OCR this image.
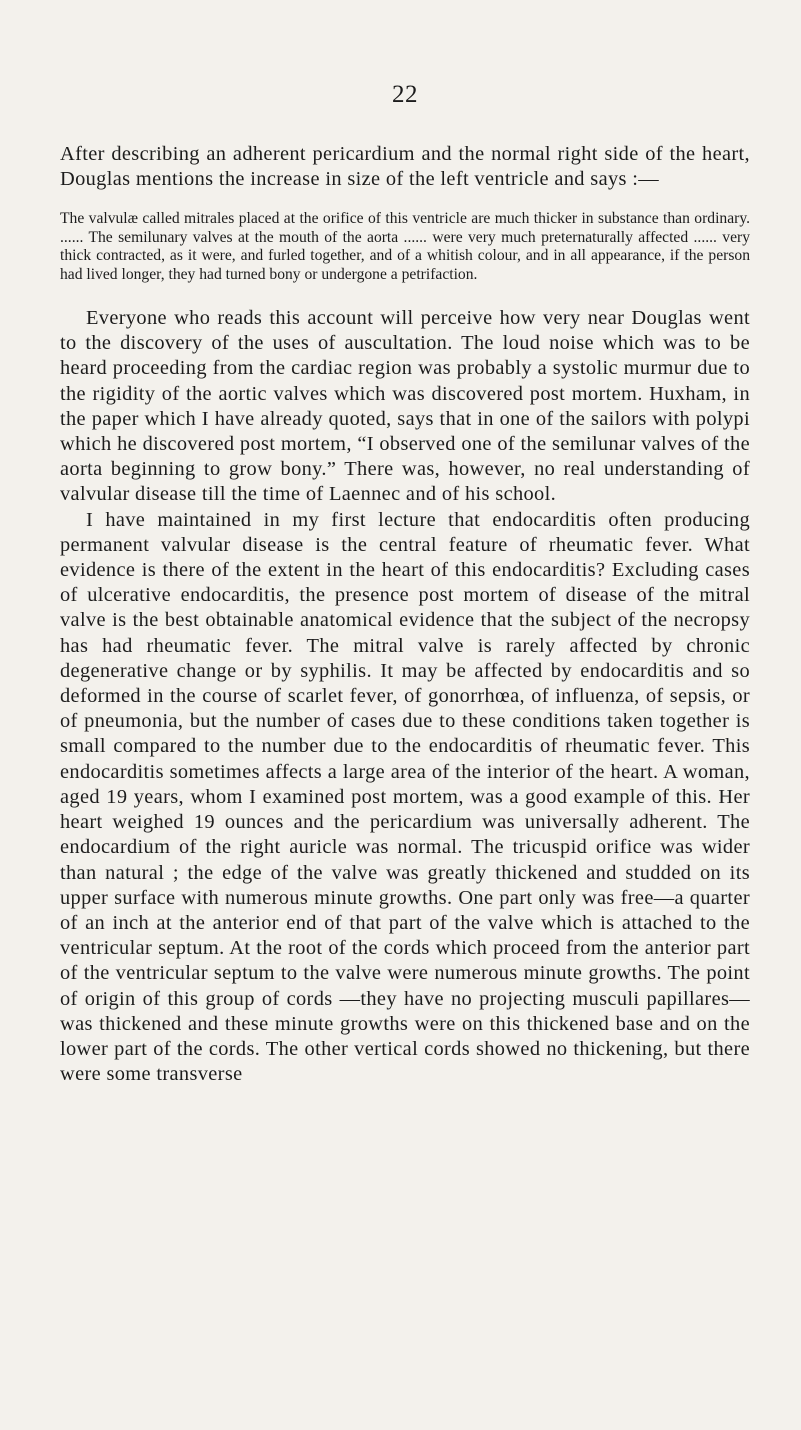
22

After describing an adherent pericardium and the normal right side of the heart, Douglas mentions the increase in size of the left ventricle and says :—

The valvulæ called mitrales placed at the orifice of this ventricle are much thicker in substance than ordinary. ...... The semilunary valves at the mouth of the aorta ...... were very much preternaturally affected ...... very thick contracted, as it were, and furled together, and of a whitish colour, and in all appearance, if the person had lived longer, they had turned bony or undergone a petrifaction.

Everyone who reads this account will perceive how very near Douglas went to the discovery of the uses of auscultation. The loud noise which was to be heard proceeding from the cardiac region was probably a systolic murmur due to the rigidity of the aortic valves which was discovered post mortem. Huxham, in the paper which I have already quoted, says that in one of the sailors with polypi which he discovered post mortem, “I observed one of the semilunar valves of the aorta beginning to grow bony.” There was, however, no real understanding of valvular disease till the time of Laennec and of his school.

I have maintained in my first lecture that endocarditis often producing permanent valvular disease is the central feature of rheumatic fever. What evidence is there of the extent in the heart of this endocarditis? Excluding cases of ulcerative endocarditis, the presence post mortem of disease of the mitral valve is the best obtainable anatomical evidence that the subject of the necropsy has had rheumatic fever. The mitral valve is rarely affected by chronic degenerative change or by syphilis. It may be affected by endocarditis and so deformed in the course of scarlet fever, of gonorrhœa, of influenza, of sepsis, or of pneumonia, but the number of cases due to these conditions taken together is small compared to the number due to the endocarditis of rheumatic fever. This endocarditis sometimes affects a large area of the interior of the heart. A woman, aged 19 years, whom I examined post mortem, was a good example of this. Her heart weighed 19 ounces and the pericardium was universally adherent. The endocardium of the right auricle was normal. The tricuspid orifice was wider than natural ; the edge of the valve was greatly thickened and studded on its upper surface with numerous minute growths. One part only was free—a quarter of an inch at the anterior end of that part of the valve which is attached to the ventricular septum. At the root of the cords which proceed from the anterior part of the ventricular septum to the valve were numerous minute growths. The point of origin of this group of cords —they have no projecting musculi papillares—was thickened and these minute growths were on this thickened base and on the lower part of the cords. The other vertical cords showed no thickening, but there were some transverse
